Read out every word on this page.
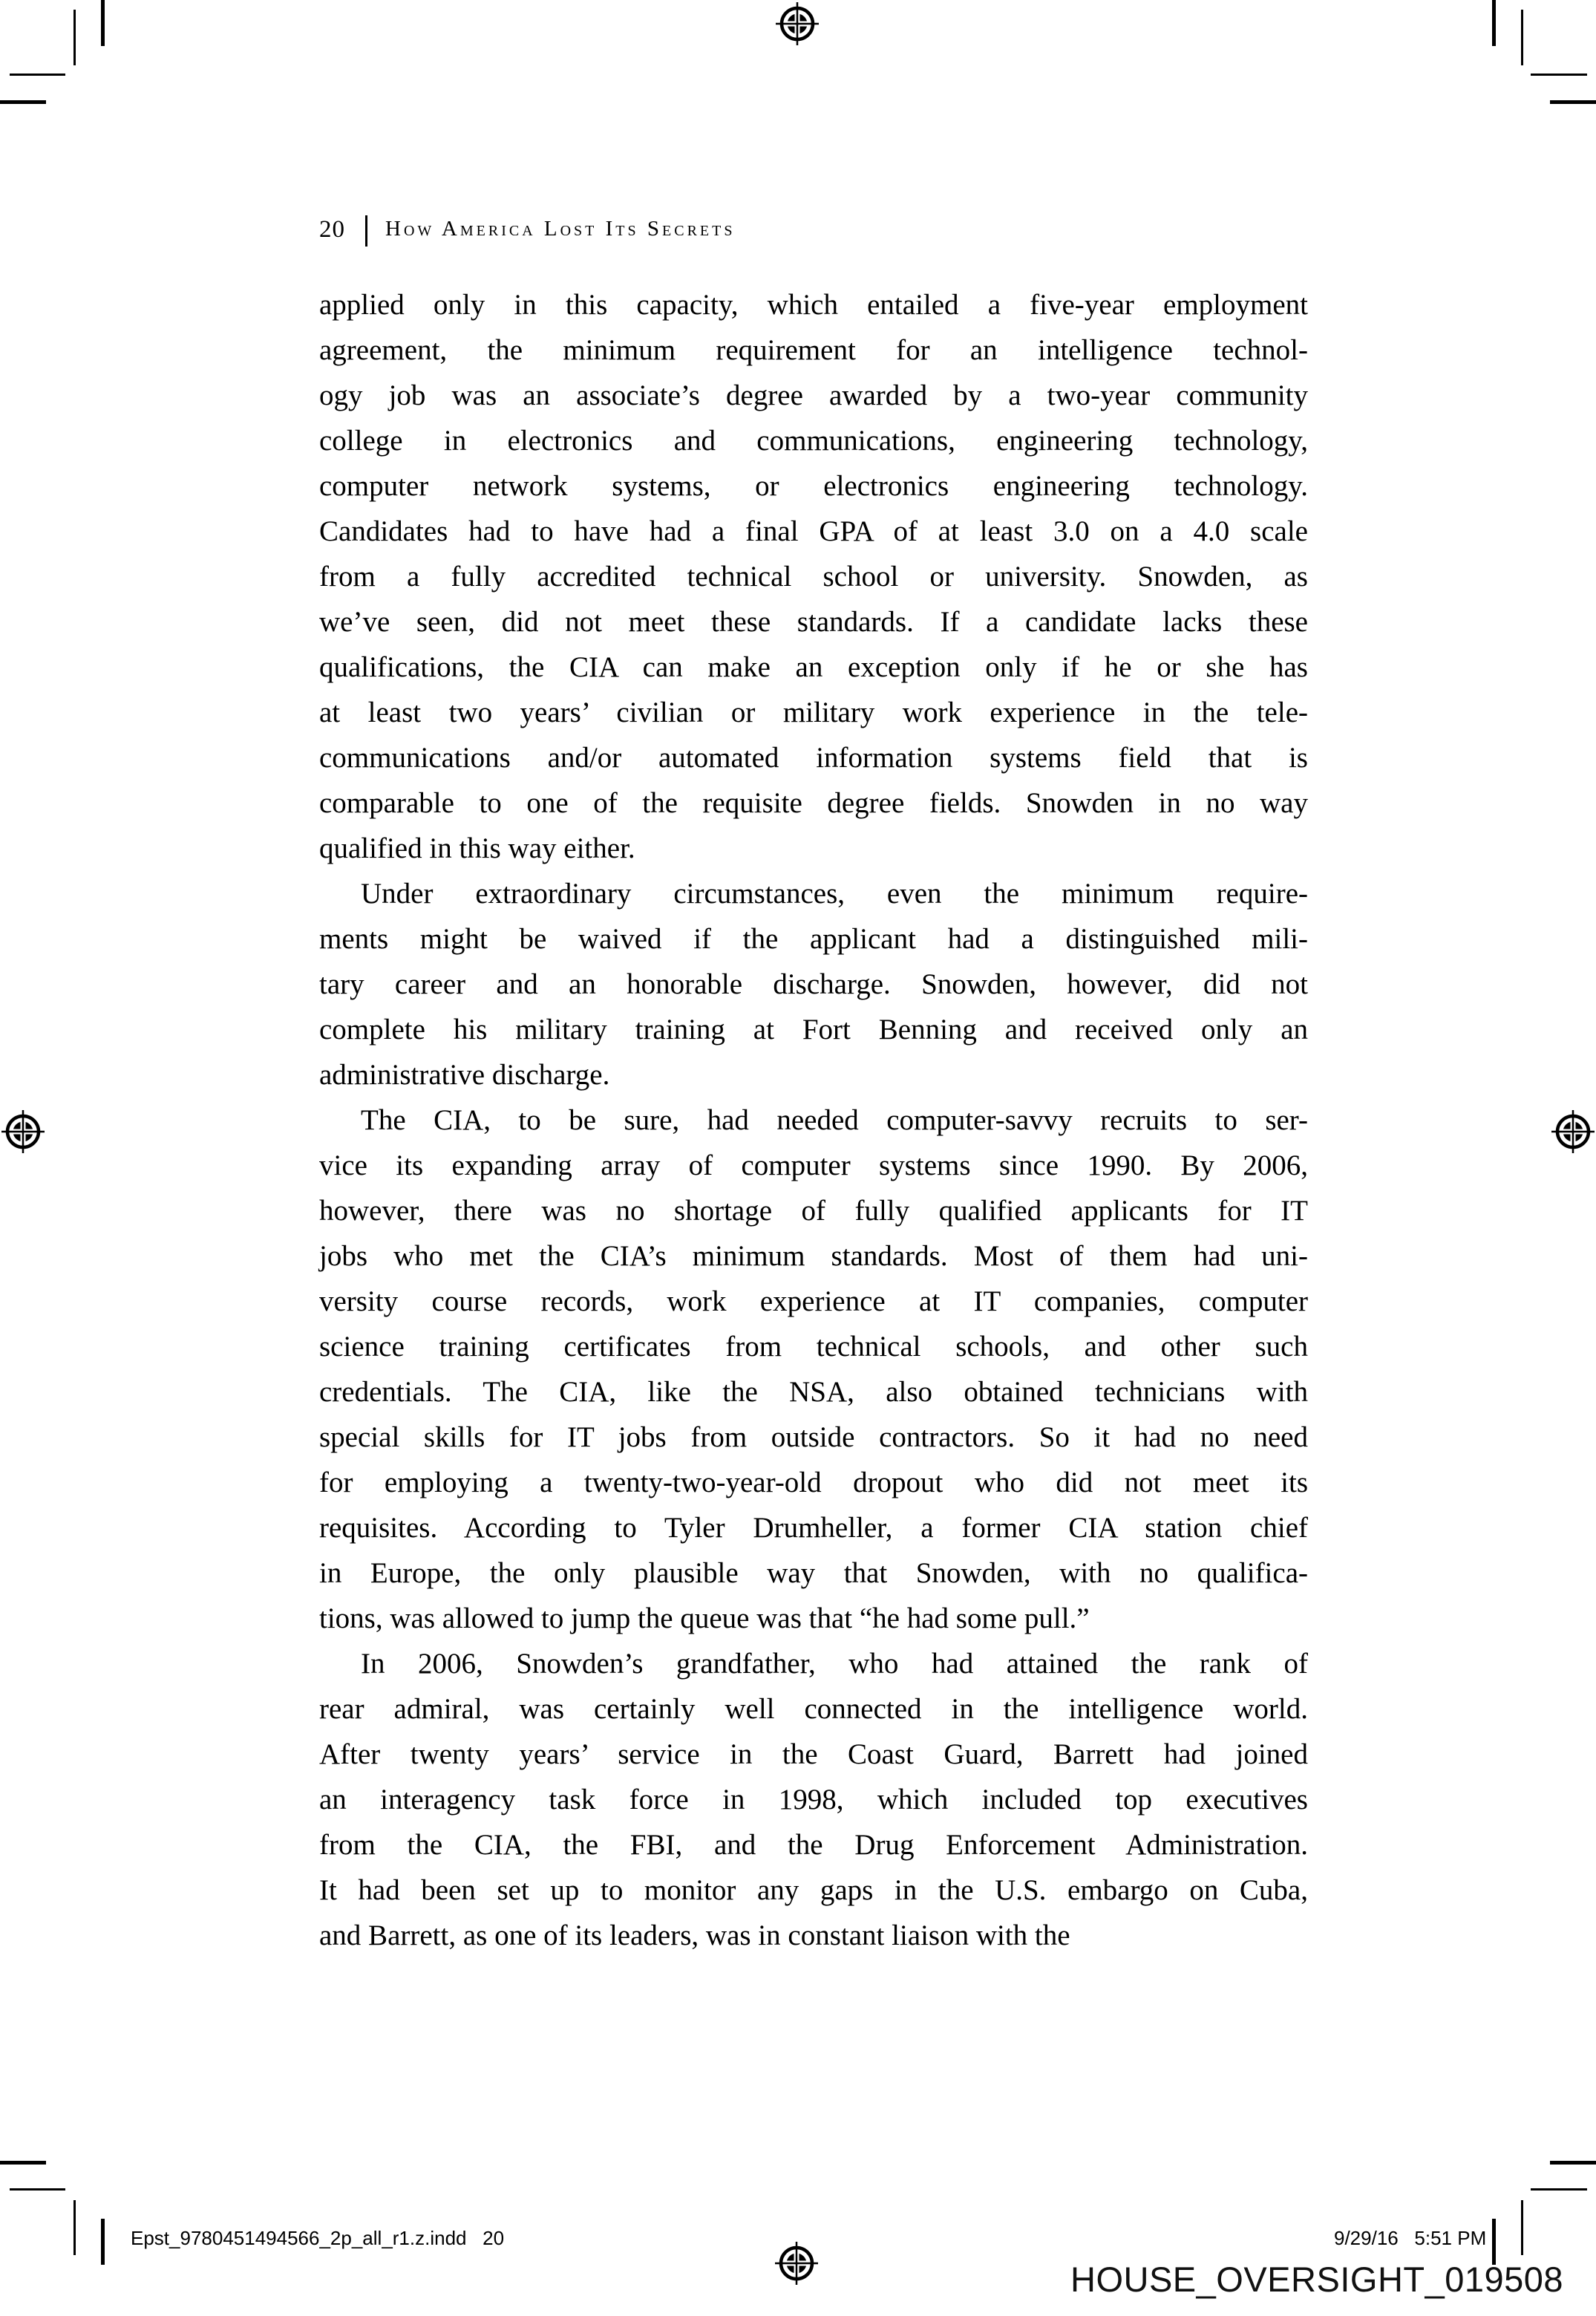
20 How America Lost Its Secrets
applied only in this capacity, which entailed a five-year employment
agreement, the minimum requirement for an intelligence technol-
ogy job was an associate’s degree awarded by a two-year community
college in electronics and communications, engineering technology,
computer network systems, or electronics engineering technology.
Candidates had to have had a final GPA of at least 3.0 on a 4.0 scale
from a fully accredited technical school or university. Snowden, as
we’ve seen, did not meet these standards. If a candidate lacks these
qualifications, the CIA can make an exception only if he or she has
at least two years’ civilian or military work experience in the tele-
communications and/or automated information systems field that is
comparable to one of the requisite degree fields. Snowden in no way
qualified in this way either.
Under extraordinary circumstances, even the minimum require-
ments might be waived if the applicant had a distinguished mili-
tary career and an honorable discharge. Snowden, however, did not
complete his military training at Fort Benning and received only an
administrative discharge.
The CIA, to be sure, had needed computer-savvy recruits to ser-
vice its expanding array of computer systems since 1990. By 2006,
however, there was no shortage of fully qualified applicants for IT
jobs who met the CIA’s minimum standards. Most of them had uni-
versity course records, work experience at IT companies, computer
science training certificates from technical schools, and other such
credentials. The CIA, like the NSA, also obtained technicians with
special skills for IT jobs from outside contractors. So it had no need
for employing a twenty-two-year-old dropout who did not meet its
requisites. According to Tyler Drumheller, a former CIA station chief
in Europe, the only plausible way that Snowden, with no qualifica-
tions, was allowed to jump the queue was that “he had some pull.”
In 2006, Snowden’s grandfather, who had attained the rank of
rear admiral, was certainly well connected in the intelligence world.
After twenty years’ service in the Coast Guard, Barrett had joined
an interagency task force in 1998, which included top executives
from the CIA, the FBI, and the Drug Enforcement Administration.
It had been set up to monitor any gaps in the U.S. embargo on Cuba,
and Barrett, as one of its leaders, was in constant liaison with the
Epst_9780451494566_2p_all_r1.z.indd   20	9/29/16   5:51 PM
HOUSE_OVERSIGHT_019508
